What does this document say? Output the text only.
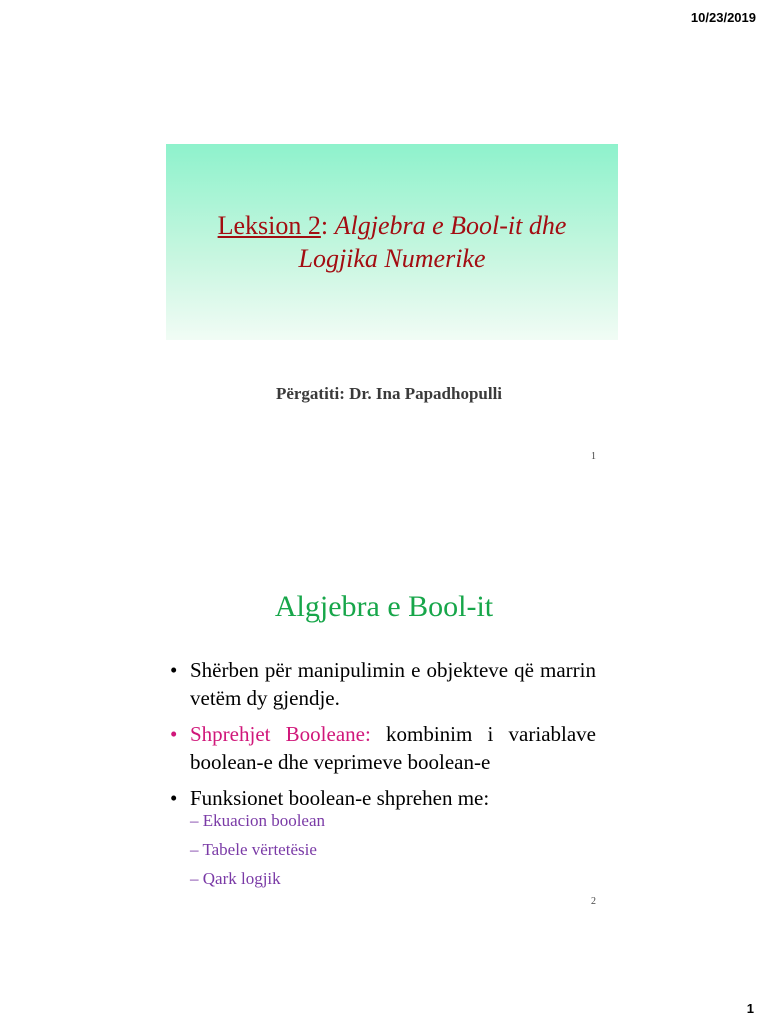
10/23/2019
Leksion 2: Algjebra e Bool-it dhe
Logjika Numerike
Përgatiti: Dr. Ina Papadhopulli
1
Algjebra e Bool-it
• Shërben për manipulimin e objekteve që marrin vetëm dy gjendje.
• Shprehjet Booleane: kombinim i variablave boolean-e dhe veprimeve boolean-e
• Funksionet boolean-e shprehen me:
– Ekuacion boolean
– Tabele vërtetësie
– Qark logjik
2
1
